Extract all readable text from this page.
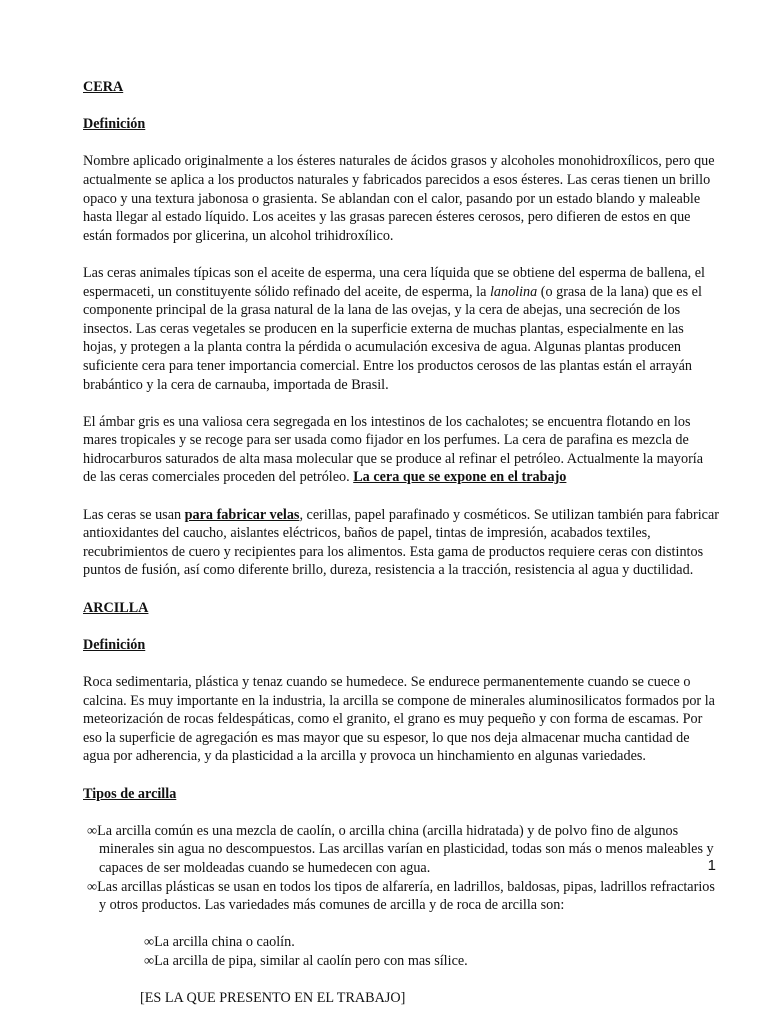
CERA

Definición

Nombre aplicado originalmente a los ésteres naturales de ácidos grasos y alcoholes monohidroxílicos, pero que actualmente se aplica a los productos naturales y fabricados parecidos a esos ésteres. Las ceras tienen un brillo opaco y una textura jabonosa o grasienta. Se ablandan con el calor, pasando por un estado blando y maleable hasta llegar al estado líquido. Los aceites y las grasas parecen ésteres cerosos, pero difieren de estos en que están formados por glicerina, un alcohol trihidroxílico.

Las ceras animales típicas son el aceite de esperma, una cera líquida que se obtiene del esperma de ballena, el espermaceti, un constituyente sólido refinado del aceite, de esperma, la lanolina (o grasa de la lana) que es el componente principal de la grasa natural de la lana de las ovejas, y la cera de abejas, una secreción de los insectos. Las ceras vegetales se producen en la superficie externa de muchas plantas, especialmente en las hojas, y protegen a la planta contra la pérdida o acumulación excesiva de agua. Algunas plantas producen suficiente cera para tener importancia comercial. Entre los productos cerosos de las plantas están el arrayán brabántico y la cera de carnauba, importada de Brasil.

El ámbar gris es una valiosa cera segregada en los intestinos de los cachalotes; se encuentra flotando en los mares tropicales y se recoge para ser usada como fijador en los perfumes. La cera de parafina es mezcla de hidrocarburos saturados de alta masa molecular que se produce al refinar el petróleo. Actualmente la mayoría de las ceras comerciales proceden del petróleo. La cera que se expone en el trabajo

Las ceras se usan para fabricar velas, cerillas, papel parafinado y cosméticos. Se utilizan también para fabricar antioxidantes del caucho, aislantes eléctricos, baños de papel, tintas de impresión, acabados textiles, recubrimientos de cuero y recipientes para los alimentos. Esta gama de productos requiere ceras con distintos puntos de fusión, así como diferente brillo, dureza, resistencia a la tracción, resistencia al agua y ductilidad.

ARCILLA

Definición

Roca sedimentaria, plástica y tenaz cuando se humedece. Se endurece permanentemente cuando se cuece o calcina. Es muy importante en la industria, la arcilla se compone de minerales aluminosilicatos formados por la meteorización de rocas feldespáticas, como el granito, el grano es muy pequeño y con forma de escamas. Por eso la superficie de agregación es mas mayor que su espesor, lo que nos deja almacenar mucha cantidad de agua por adherencia, y da plasticidad a la arcilla y provoca un hinchamiento en algunas variedades.

Tipos de arcilla

∞La arcilla común es una mezcla de caolín, o arcilla china (arcilla hidratada) y de polvo fino de algunos minerales sin agua no descompuestos. Las arcillas varían en plasticidad, todas son más o menos maleables y capaces de ser moldeadas cuando se humedecen con agua.

∞Las arcillas plásticas se usan en todos los tipos de alfarería, en ladrillos, baldosas, pipas, ladrillos refractarios y otros productos. Las variedades más comunes de arcilla y de roca de arcilla son:

∞La arcilla china o caolín.

∞La arcilla de pipa, similar al caolín pero con mas sílice.

[ES LA QUE PRESENTO EN EL TRABAJO]

1
